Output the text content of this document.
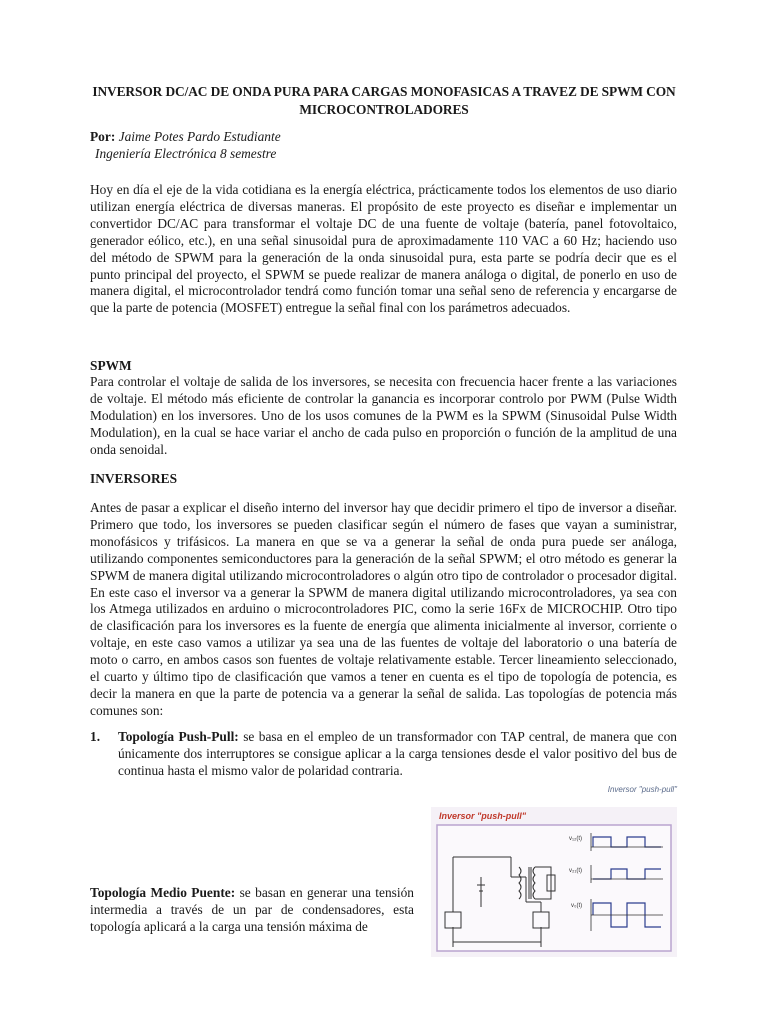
INVERSOR DC/AC DE ONDA PURA PARA CARGAS MONOFASICAS A TRAVEZ DE SPWM CON MICROCONTROLADORES
Por: Jaime Potes Pardo Estudiante
Ingeniería Electrónica 8 semestre

Hoy en día el eje de la vida cotidiana es la energía eléctrica, prácticamente todos los elementos de uso diario utilizan energía eléctrica de diversas maneras. El propósito de este proyecto es diseñar e implementar un convertidor DC/AC para transformar el voltaje DC de una fuente de voltaje (batería, panel fotovoltaico, generador eólico, etc.), en una señal sinusoidal pura de aproximadamente 110 VAC a 60 Hz; haciendo uso del método de SPWM para la generación de la onda sinusoidal pura, esta parte se podría decir que es el punto principal del proyecto, el SPWM se puede realizar de manera análoga o digital, de ponerlo en uso de manera digital, el microcontrolador tendrá como función tomar una señal seno de referencia y encargarse de que la parte de potencia (MOSFET) entregue la señal final con los parámetros adecuados.

SPWM

Para controlar el voltaje de salida de los inversores, se necesita con frecuencia hacer frente a las variaciones de voltaje. El método más eficiente de controlar la ganancia es incorporar controlo por PWM (Pulse Width Modulation) en los inversores. Uno de los usos comunes de la PWM es la SPWM (Sinusoidal Pulse Width Modulation), en la cual se hace variar el ancho de cada pulso en proporción o función de la amplitud de una onda senoidal.

INVERSORES

Antes de pasar a explicar el diseño interno del inversor hay que decidir primero el tipo de inversor a diseñar. Primero que todo, los inversores se pueden clasificar según el número de fases que vayan a suministrar, monofásicos y trifásicos. La manera en que se va a generar la señal de onda pura puede ser análoga, utilizando componentes semiconductores para la generación de la señal SPWM; el otro método es generar la SPWM de manera digital utilizando microcontroladores o algún otro tipo de controlador o procesador digital. En este caso el inversor va a generar la SPWM de manera digital utilizando microcontroladores, ya sea con los Atmega utilizados en arduino o microcontroladores PIC, como la serie 16Fx de MICROCHIP. Otro tipo de clasificación para los inversores es la fuente de energía que alimenta inicialmente al inversor, corriente o voltaje, en este caso vamos a utilizar ya sea una de las fuentes de voltaje del laboratorio o una batería de moto o carro, en ambos casos son fuentes de voltaje relativamente estable. Tercer lineamiento seleccionado, el cuarto y último tipo de clasificación que vamos a tener en cuenta es el tipo de topología de potencia, es decir la manera en que la parte de potencia va a generar la señal de salida. Las topologías de potencia más comunes son:

1. Topología Push-Pull: se basa en el empleo de un transformador con TAP central, de manera que con únicamente dos interruptores se consigue aplicar a la carga tensiones desde el valor positivo del bus de continua hasta el mismo valor de polaridad contraria.
Inversor "push-pull"
Inversor "push-pull"
v₁₂(t)
v₂₁(t)
v₀(t)

Topología Medio Puente: se basan en generar una tensión intermedia a través de un par de condensadores, esta topología aplicará a la carga una tensión máxima de
